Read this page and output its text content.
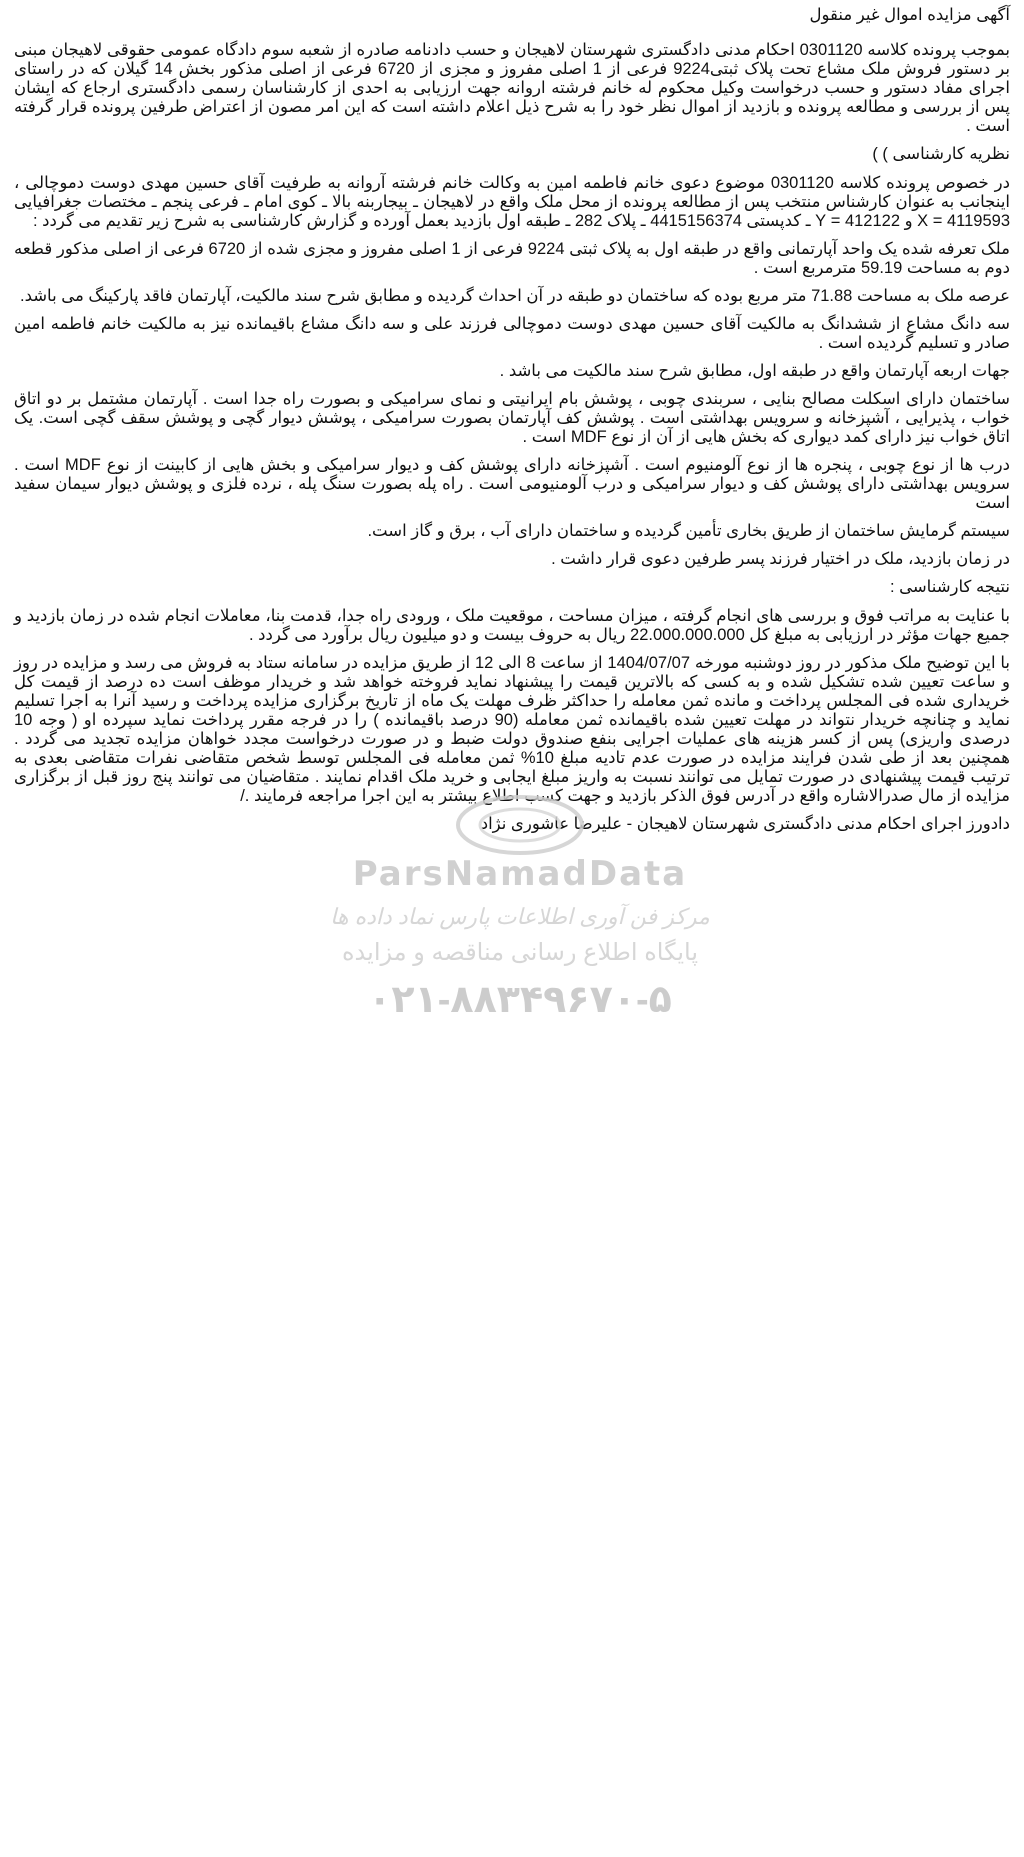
آگهی مزایده اموال غیر منقول
بموجب پرونده کلاسه 0301120 احکام مدنی دادگستری شهرستان لاهیجان و حسب دادنامه صادره از شعبه سوم دادگاه عمومی حقوقی لاهیجان مبنی بر دستور فروش ملک مشاع تحت پلاک ثبتی9224 فرعی از 1 اصلی مفروز و مجزی از 6720 فرعی از اصلی مذکور بخش 14 گیلان که در راستای اجرای مفاد دستور و حسب درخواست وکیل محکوم له خانم فرشته اروانه جهت ارزیابی به احدی از کارشناسان رسمی دادگستری ارجاع که ایشان پس از بررسی و مطالعه پرونده و بازدید از اموال نظر خود را به شرح ذیل اعلام داشته است که این امر مصون از اعتراض طرفین پرونده قرار گرفته است .
نظریه کارشناسی ) )
در خصوص پرونده کلاسه 0301120 موضوع دعوی خانم فاطمه امین به وکالت خانم فرشته آروانه به طرفیت آقای حسین مهدی دوست دموچالی ، اینجانب به عنوان کارشناس منتخب پس از مطالعه پرونده از محل ملک واقع در لاهیجان ـ بیجاربنه بالا ـ کوی امام ـ فرعی پنجم ـ مختصات جغرافیایی 4119593 = X و 412122 = Y ـ کدپستی 4415156374 ـ پلاک 282 ـ طبقه اول بازدید بعمل آورده و گزارش کارشناسی به شرح زیر تقدیم می گردد :
ملک تعرفه شده یک واحد آپارتمانی واقع در طبقه اول به پلاک ثبتی 9224 فرعی از 1 اصلی مفروز و مجزی شده از 6720 فرعی از اصلی مذکور قطعه دوم به مساحت 59.19 مترمربع است .
عرصه ملک به مساحت 71.88 متر مربع بوده که ساختمان دو طبقه در آن احداث گردیده و مطابق شرح سند مالکیت، آپارتمان فاقد پارکینگ می باشد.
سه دانگ مشاع از ششدانگ به مالکیت آقای حسین مهدی دوست دموچالی فرزند علی و سه دانگ مشاع باقیمانده نیز به مالکیت خانم فاطمه امین صادر و تسلیم گردیده است .
جهات اربعه آپارتمان واقع در طبقه اول، مطابق شرح سند مالکیت می باشد .
ساختمان دارای اسکلت مصالح بنایی ، سربندی چوبی ، پوشش بام ایرانیتی و نمای سرامیکی و بصورت راه جدا است . آپارتمان مشتمل بر دو اتاق خواب ، پذیرایی ، آشپزخانه و سرویس بهداشتی است . پوشش کف آپارتمان بصورت سرامیکی ، پوشش دیوار گچی و پوشش سقف گچی است. یک اتاق خواب نیز دارای کمد دیواری که بخش هایی از آن از نوع MDF است .
درب ها از نوع چوبی ، پنجره ها از نوع آلومنیوم است . آشپزخانه دارای پوشش کف و دیوار سرامیکی و بخش هایی از کابینت از نوع MDF است . سرویس بهداشتی دارای پوشش کف و دیوار سرامیکی و درب آلومنیومی است . راه پله بصورت سنگ پله ، نرده فلزی و پوشش دیوار سیمان سفید است
سیستم گرمایش ساختمان از طریق بخاری تأمین گردیده و ساختمان دارای آب ، برق و گاز است.
در زمان بازدید، ملک در اختیار فرزند پسر طرفین دعوی قرار داشت .
نتیجه کارشناسی :
با عنایت به مراتب فوق و بررسی های انجام گرفته ، میزان مساحت ، موقعیت ملک ، ورودی راه جدا، قدمت بنا، معاملات انجام شده در زمان بازدید و جمیع جهات مؤثر در ارزیابی به مبلغ کل 22.000.000.000 ریال به حروف بیست و دو میلیون ریال برآورد می گردد .
با این توضیح ملک مذکور در روز دوشنبه مورخه 1404/07/07 از ساعت 8 الی 12 از طریق مزایده در سامانه ستاد به فروش می رسد و مزایده در روز و ساعت تعیین شده تشکیل شده و به کسی که بالاترین قیمت را پیشنهاد نماید فروخته خواهد شد و خریدار موظف است ده درصد از قیمت کل خریداری شده فی المجلس پرداخت و مانده ثمن معامله را حداکثر ظرف مهلت یک ماه از تاریخ برگزاری مزایده پرداخت و رسید آنرا به اجرا تسلیم نماید و چنانچه خریدار نتواند در مهلت تعیین شده باقیمانده ثمن معامله (90 درصد باقیمانده ) را در فرجه مقرر پرداخت نماید سپرده او ( وجه 10 درصدی واریزی) پس از کسر هزینه های عملیات اجرایی بنفع صندوق دولت ضبط و در صورت درخواست مجدد خواهان مزایده تجدید می گردد . همچنین بعد از طی شدن فرایند مزایده در صورت عدم تادیه مبلغ 10% ثمن معامله فی المجلس توسط شخص متقاضی نفرات متقاضی بعدی به ترتیب قیمت پیشنهادی در صورت تمایل می توانند نسبت به واریز مبلغ ایجابی و خرید ملک اقدام نمایند . متقاضیان می توانند پنج روز قبل از برگزاری مزایده از مال صدرالاشاره واقع در آدرس فوق الذکر بازدید و جهت کسب اطلاع بیشتر به این اجرا مراجعه فرمایند ./
دادورز اجرای احکام مدنی دادگستری شهرستان لاهیجان - علیرضا عاشوری نژاد
ParsNamadData
مرکز فن آوری اطلاعات پارس نماد داده ها
پایگاه اطلاع رسانی مناقصه و مزایده
۰۲۱-۸۸۳۴۹۶۷۰-۵
